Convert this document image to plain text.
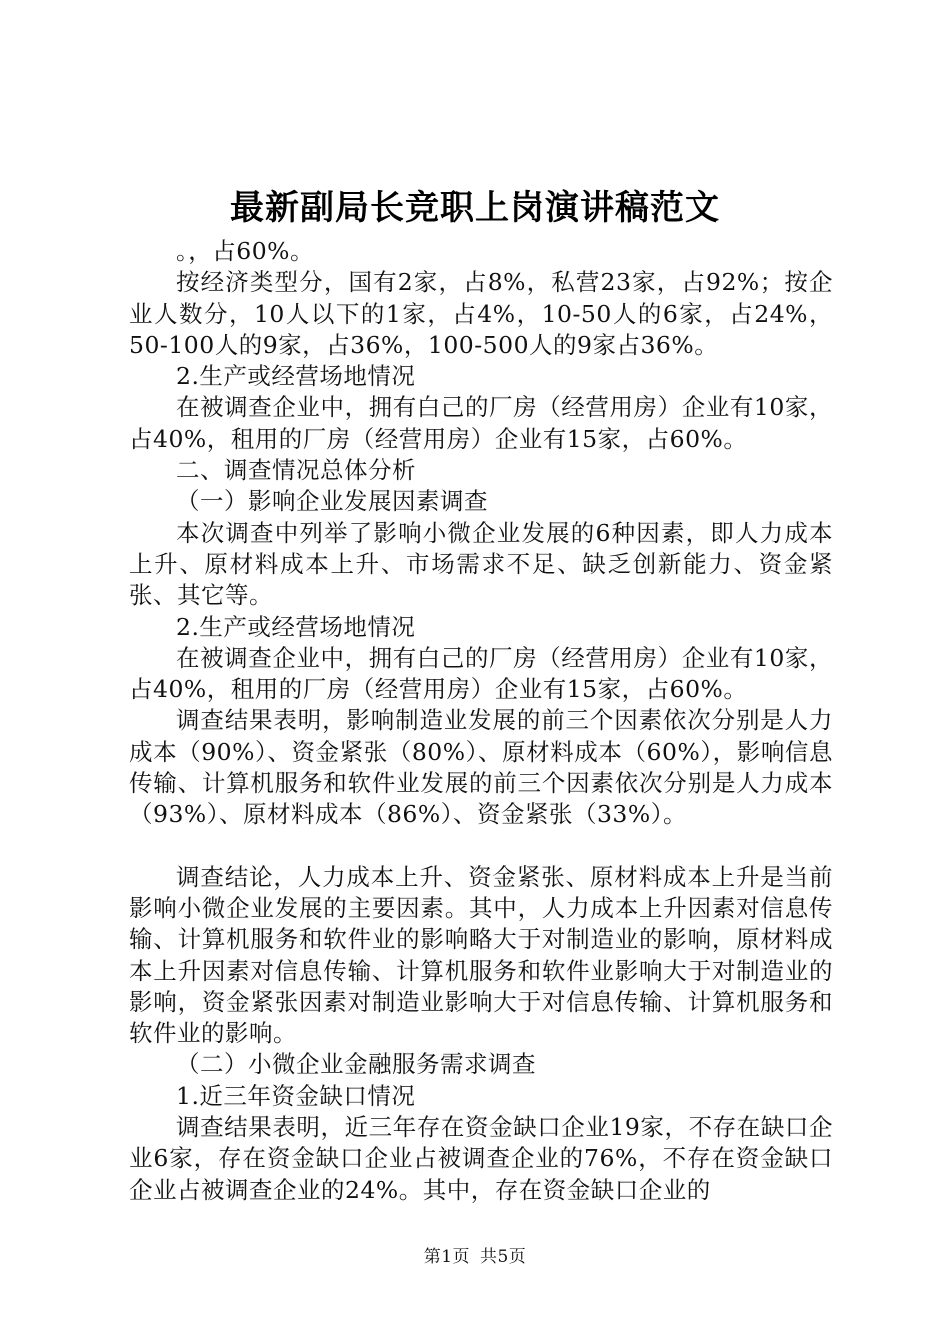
最新副局长竞职上岗演讲稿范文

。，占60%。

按经济类型分，国有2家，占8%，私营23家，占92%；按企业人数分，10人以下的1家，占4%，10-50人的6家，占24%，50-100人的9家，占36%，100-500人的9家占36%。

2.生产或经营场地情况

在被调查企业中，拥有白己的厂房（经营用房）企业有10家，占40%，租用的厂房（经营用房）企业有15家，占60%。

二、调查情况总体分析

（一）影响企业发展因素调查

本次调查中列举了影响小微企业发展的6种因素，即人力成本上升、原材料成本上升、市场需求不足、缺乏创新能力、资金紧张、其它等。

2.生产或经营场地情况

在被调查企业中，拥有白己的厂房（经营用房）企业有10家，占40%，租用的厂房（经营用房）企业有15家，占60%。

调查结果表明，影响制造业发展的前三个因素依次分别是人力成本（90%）、资金紧张（80%）、原材料成本（60%），影响信息传输、计算机服务和软件业发展的前三个因素依次分别是人力成本（93%）、原材料成本（86%）、资金紧张（33%）。

调查结论，人力成本上升、资金紧张、原材料成本上升是当前影响小微企业发展的主要因素。其中，人力成本上升因素对信息传输、计算机服务和软件业的影响略大于对制造业的影响，原材料成本上升因素对信息传输、计算机服务和软件业影响大于对制造业的影响，资金紧张因素对制造业影响大于对信息传输、计算机服务和软件业的影响。

（二）小微企业金融服务需求调查

1.近三年资金缺口情况

调查结果表明，近三年存在资金缺口企业19家，不存在缺口企业6家，存在资金缺口企业占被调查企业的76%，不存在资金缺口企业占被调查企业的24%。其中，存在资金缺口企业的

第1页 共5页
